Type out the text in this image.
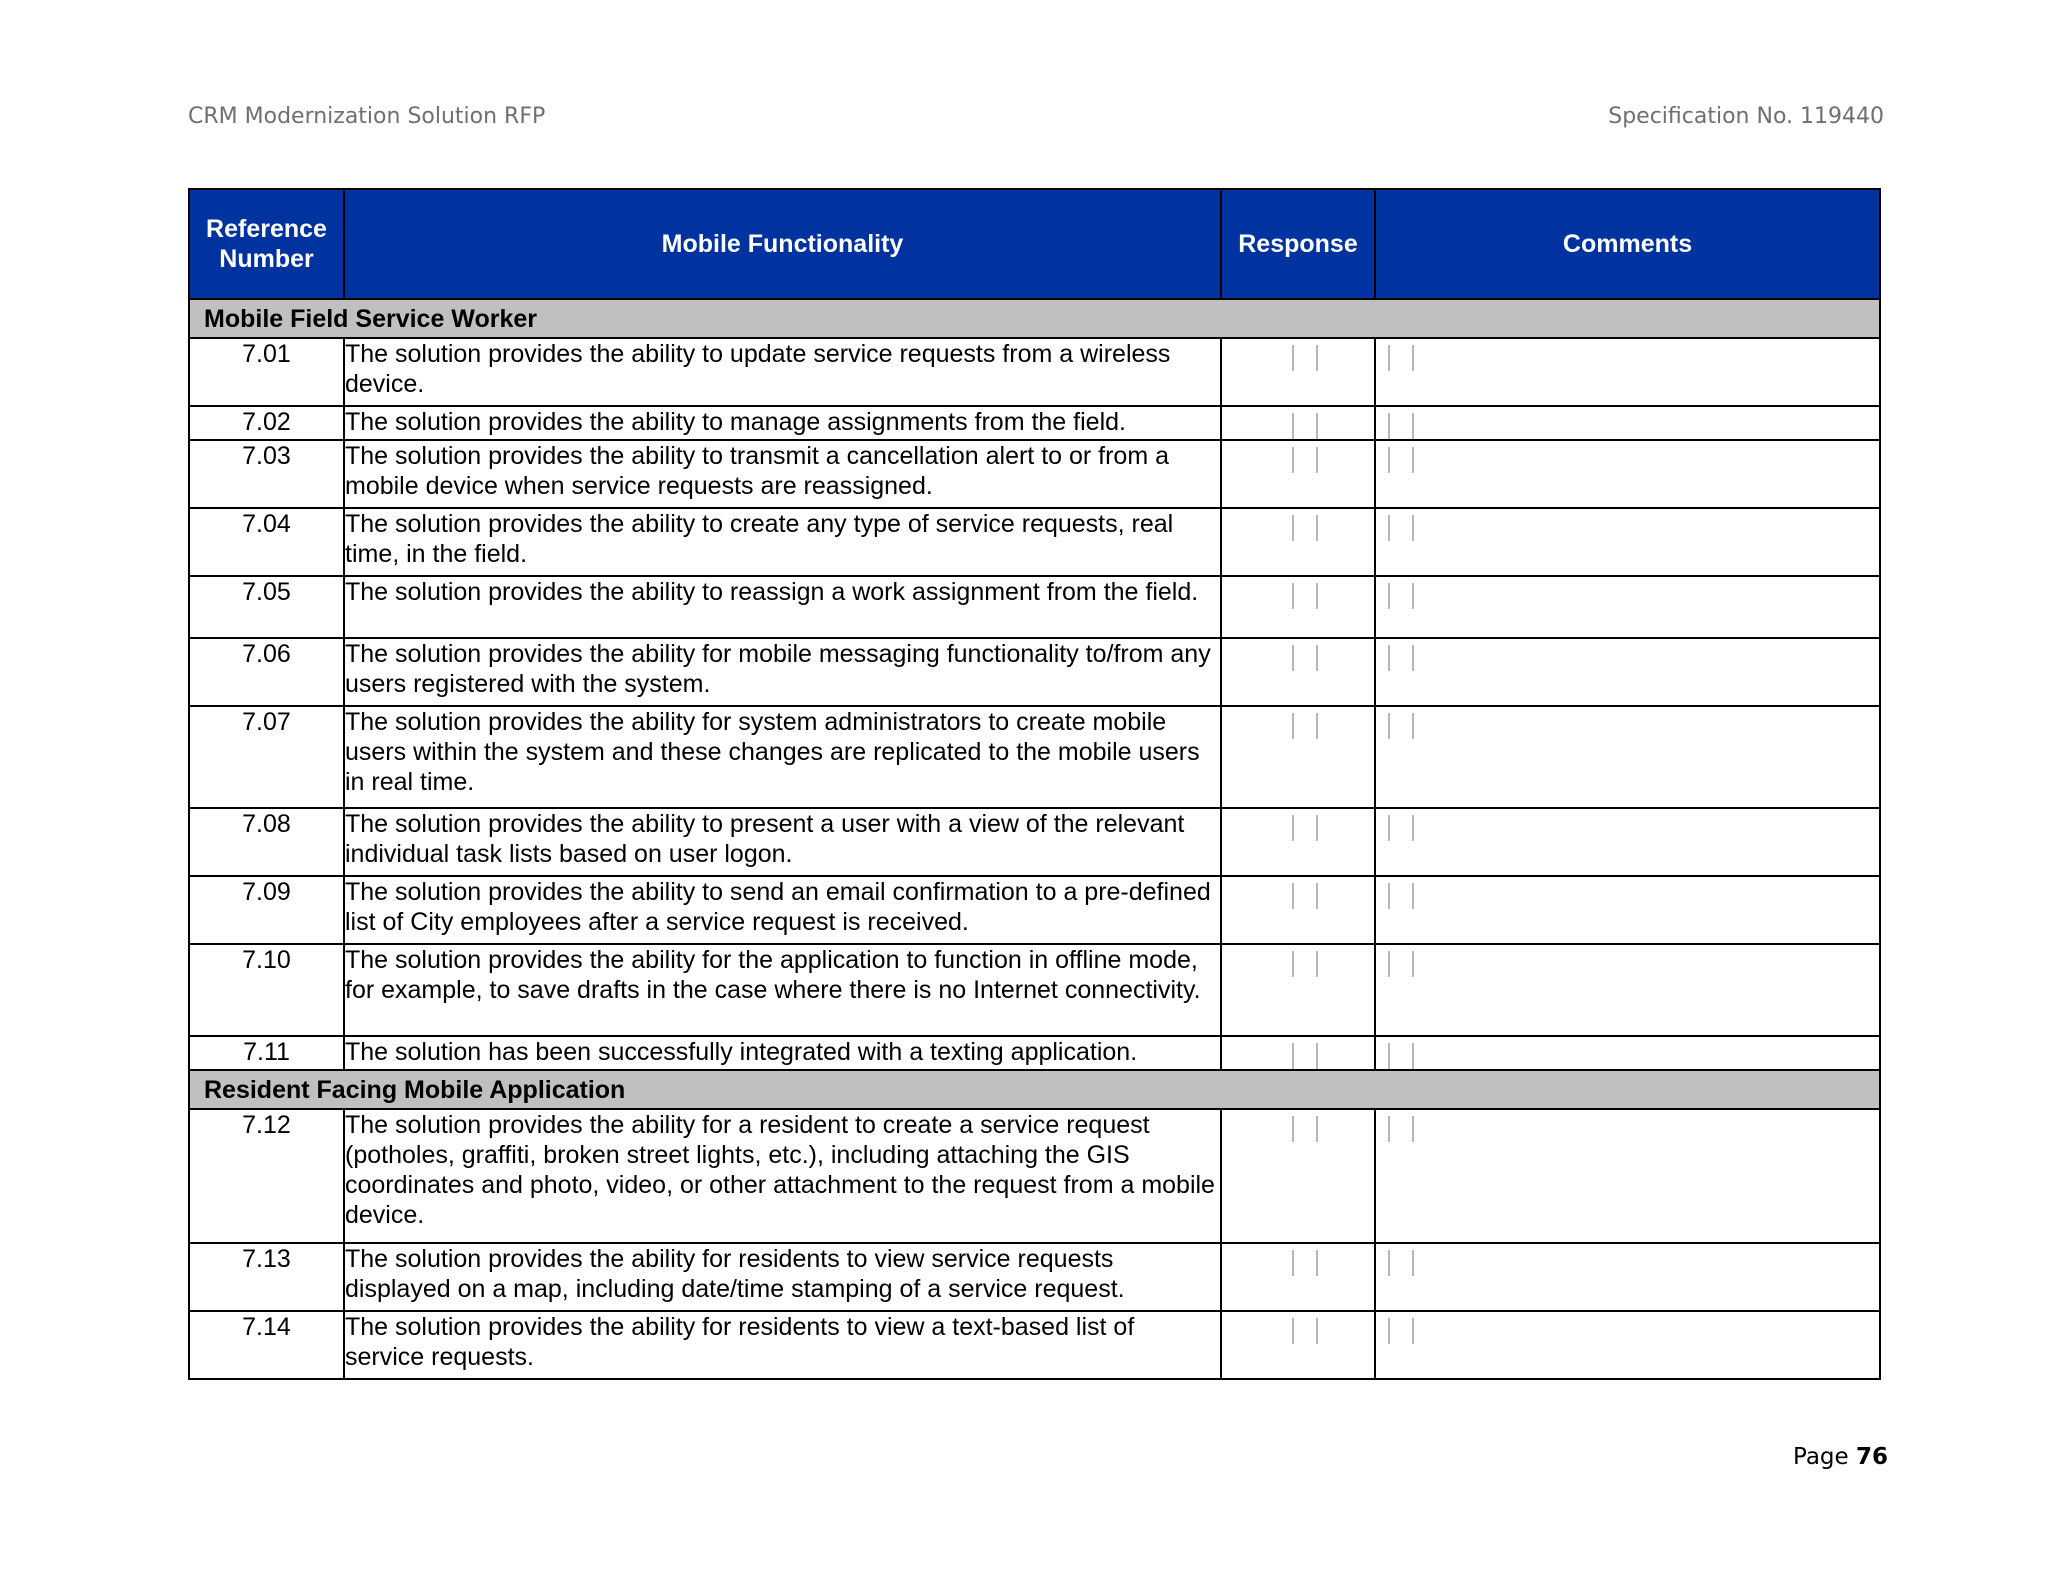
CRM Modernization Solution RFP	Specification No. 119440
Reference Number	Mobile Functionality	Response	Comments
Mobile Field Service Worker			
7.01	The solution provides the ability to update service requests from a wireless device.	

7.02	The solution provides the ability to manage assignments from the field.	

7.03	The solution provides the ability to transmit a cancellation alert to or from a mobile device when service requests are reassigned.	

7.04	The solution provides the ability to create any type of service requests, real time, in the field.	

7.05	The solution provides the ability to reassign a work assignment from the field.	

7.06	The solution provides the ability for mobile messaging functionality to/from any users registered with the system.	

7.07	The solution provides the ability for system administrators to create mobile users within the system and these changes are replicated to the mobile users in real time.	

7.08	The solution provides the ability to present a user with a view of the relevant individual task lists based on user logon.	

7.09	The solution provides the ability to send an email confirmation to a pre-defined list of City employees after a service request is received.	

7.10	The solution provides the ability for the application to function in offline mode, for example, to save drafts in the case where there is no Internet connectivity.	

7.11	The solution has been successfully integrated with a texting application.	

Resident Facing Mobile Application			
7.12	The solution provides the ability for a resident to create a service request (potholes, graffiti, broken street lights, etc.), including attaching the GIS coordinates and photo, video, or other attachment to the request from a mobile device.	

7.13	The solution provides the ability for residents to view service requests displayed on a map, including date/time stamping of a service request.	

7.14	The solution provides the ability for residents to view a text-based list of service requests.	

Page 76
